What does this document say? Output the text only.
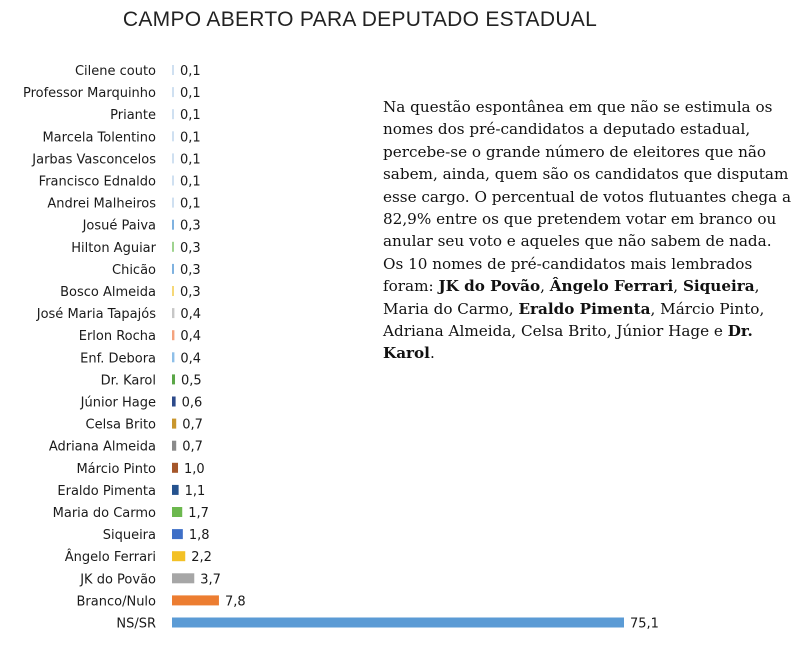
CAMPO ABERTO PARA DEPUTADO ESTADUAL
Cilene couto 0,1
Professor Marquinho 0,1
Priante 0,1
Marcela Tolentino 0,1
Jarbas Vasconcelos 0,1
Francisco Ednaldo 0,1
Andrei Malheiros 0,1
Josué Paiva 0,3
Hilton Aguiar 0,3
Chicão 0,3
Bosco Almeida 0,3
José Maria Tapajós 0,4
Erlon Rocha 0,4
Enf. Debora 0,4
Dr. Karol 0,5
Júnior Hage 0,6
Celsa Brito 0,7
Adriana Almeida 0,7
Márcio Pinto 1,0
Eraldo Pimenta 1,1
Maria do Carmo 1,7
Siqueira	1,8
Ângelo Ferrari	2,2
JK do Povão	3,7
Branco/Nulo	7,8
NS/SR	75,1

Na questão espontânea em que não se estimula os nomes dos pré-candidatos a deputado estadual, percebe-se o grande número de eleitores que não sabem, ainda, quem são os candidatos que disputam esse cargo. O percentual de votos flutuantes chega a 82,9% entre os que pretendem votar em branco ou anular seu voto e aqueles que não sabem de nada.

Os 10 nomes de pré-candidatos mais lembrados foram: JK do Povão, Ângelo Ferrari, Siqueira, Maria do Carmo, Eraldo Pimenta, Márcio Pinto, Adriana Almeida, Celsa Brito, Júnior Hage e Dr. Karol.
